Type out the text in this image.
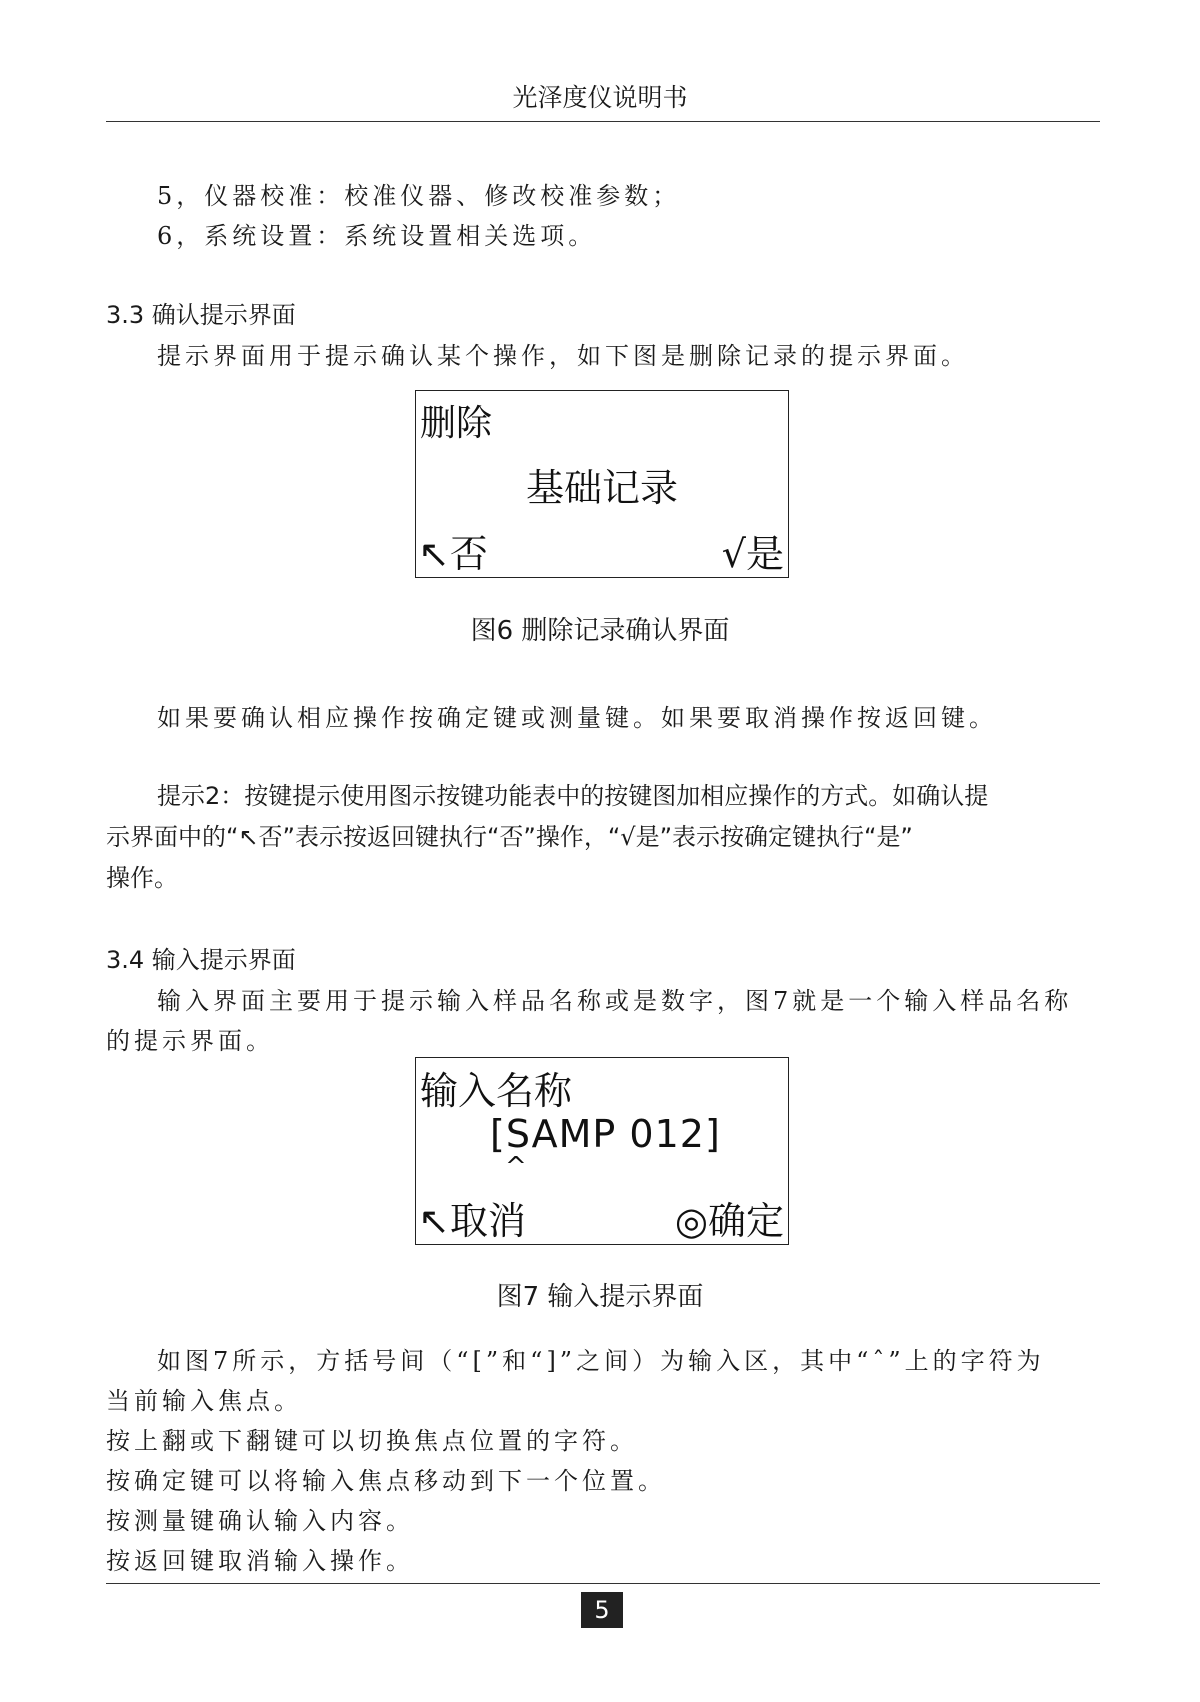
光泽度仪说明书
5，仪器校准：校准仪器、修改校准参数；
6，系统设置：系统设置相关选项。
3.3 确认提示界面
提示界面用于提示确认某个操作，如下图是删除记录的提示界面。
删除
基础记录
↖否	√是
图6 删除记录确认界面
如果要确认相应操作按确定键或测量键。如果要取消操作按返回键。
提示2：按键提示使用图示按键功能表中的按键图加相应操作的方式。如确认提
示界面中的“↖否”表示按返回键执行“否”操作，“√是”表示按确定键执行“是”
操作。
3.4 输入提示界面
输入界面主要用于提示输入样品名称或是数字，图7就是一个输入样品名称
的提示界面。
输入名称
[SAMP 012]
^
↖取消	◎确定
图7 输入提示界面
如图7所示，方括号间（“[”和“]”之间）为输入区，其中“ˆ”上的字符为
当前输入焦点。
按上翻或下翻键可以切换焦点位置的字符。
按确定键可以将输入焦点移动到下一个位置。
按测量键确认输入内容。
按返回键取消输入操作。
5
